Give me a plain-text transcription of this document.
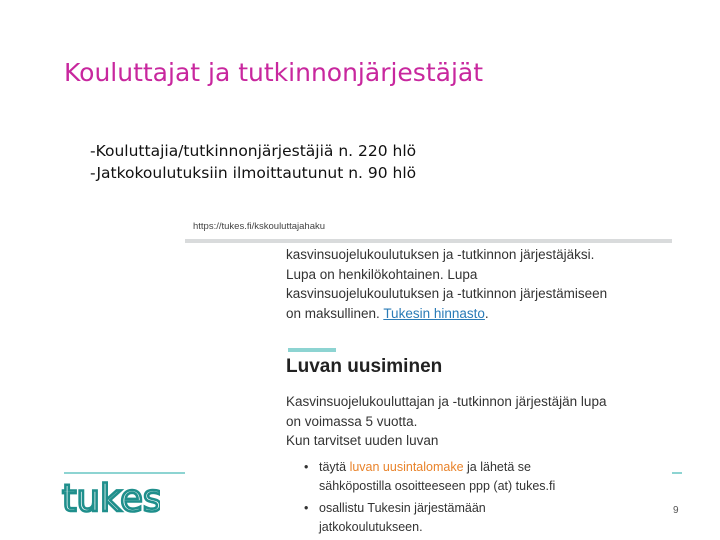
Kouluttajat ja tutkinnonjärjestäjät
-Kouluttajia/tutkinnonjärjestäjiä n. 220 hlö
-Jatkokoulutuksiin ilmoittautunut n. 90 hlö
https://tukes.fi/kskouluttajahaku

kasvinsuojelukoulutuksen ja -tutkinnon järjestäjäksi.

Lupa on henkilökohtainen. Lupa

kasvinsuojelukoulutuksen ja -tutkinnon järjestämiseen

on maksullinen. Tukesin hinnasto.

Luvan uusiminen

Kasvinsuojelukouluttajan ja -tutkinnon järjestäjän lupa

on voimassa 5 vuotta.

Kun tarvitset uuden luvan

• täytä luvan uusintalomake ja lähetä se
sähköpostilla osoitteeseen ppp (at) tukes.fi
• osallistu Tukesin järjestämään
jatkokoulutukseen.
tukes	9
